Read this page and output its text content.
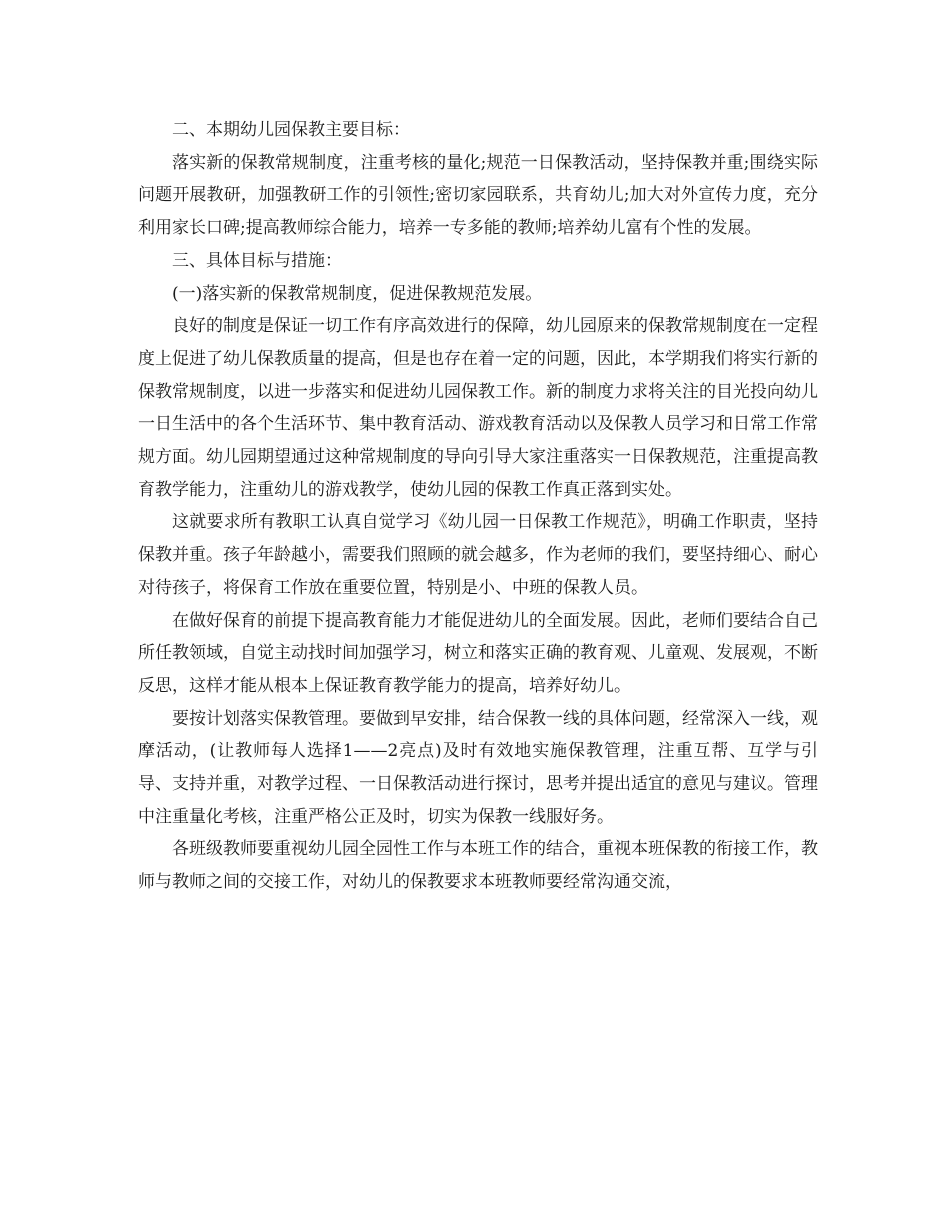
二、本期幼儿园保教主要目标：

落实新的保教常规制度，注重考核的量化;规范一日保教活动，坚持保教并重;围绕实际问题开展教研，加强教研工作的引领性;密切家园联系，共育幼儿;加大对外宣传力度，充分利用家长口碑;提高教师综合能力，培养一专多能的教师;培养幼儿富有个性的发展。

三、具体目标与措施：

(一)落实新的保教常规制度，促进保教规范发展。

良好的制度是保证一切工作有序高效进行的保障，幼儿园原来的保教常规制度在一定程度上促进了幼儿保教质量的提高，但是也存在着一定的问题，因此，本学期我们将实行新的保教常规制度，以进一步落实和促进幼儿园保教工作。新的制度力求将关注的目光投向幼儿一日生活中的各个生活环节、集中教育活动、游戏教育活动以及保教人员学习和日常工作常规方面。幼儿园期望通过这种常规制度的导向引导大家注重落实一日保教规范，注重提高教育教学能力，注重幼儿的游戏教学，使幼儿园的保教工作真正落到实处。

这就要求所有教职工认真自觉学习《幼儿园一日保教工作规范》，明确工作职责，坚持保教并重。孩子年龄越小，需要我们照顾的就会越多，作为老师的我们，要坚持细心、耐心对待孩子，将保育工作放在重要位置，特别是小、中班的保教人员。

在做好保育的前提下提高教育能力才能促进幼儿的全面发展。因此，老师们要结合自己所任教领域，自觉主动找时间加强学习，树立和落实正确的教育观、儿童观、发展观，不断反思，这样才能从根本上保证教育教学能力的提高，培养好幼儿。

要按计划落实保教管理。要做到早安排，结合保教一线的具体问题，经常深入一线，观摩活动，(让教师每人选择1——2亮点)及时有效地实施保教管理，注重互帮、互学与引导、支持并重，对教学过程、一日保教活动进行探讨，思考并提出适宜的意见与建议。管理中注重量化考核，注重严格公正及时，切实为保教一线服好务。

各班级教师要重视幼儿园全园性工作与本班工作的结合，重视本班保教的衔接工作，教师与教师之间的交接工作，对幼儿的保教要求本班教师要经常沟通交流，
